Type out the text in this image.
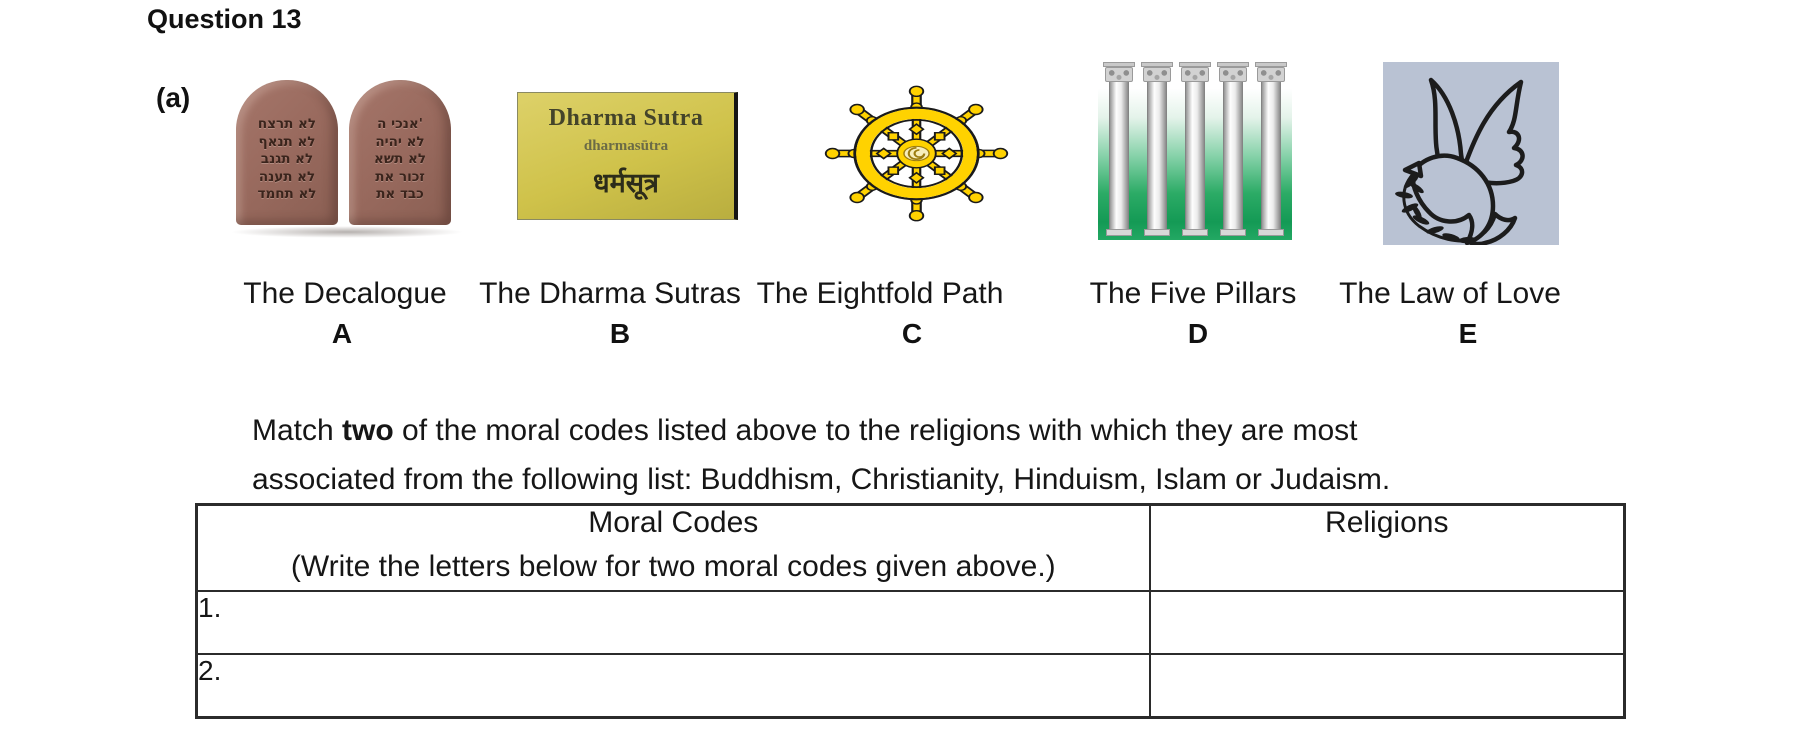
Question 13
(a)
לא תרצח
לא תנאף
לא תגנב
לא תענה
לא תחמד
אנכי ה'
לא יהיה
לא תשא
זכור את
כבד את
Dharma Sutra
dharmasūtra
धर्मसूत्र
The Decalogue The Dharma Sutras The Eightfold Path	The Five Pillars The Law of Love
A	B	C	D	E

Match two of the moral codes listed above to the religions with which they are most
associated from the following list: Buddhism, Christianity, Hinduism, Islam or Judaism.

Moral Codes
(Write the letters below for two moral codes given above.)	Religions
1.	
2.	
